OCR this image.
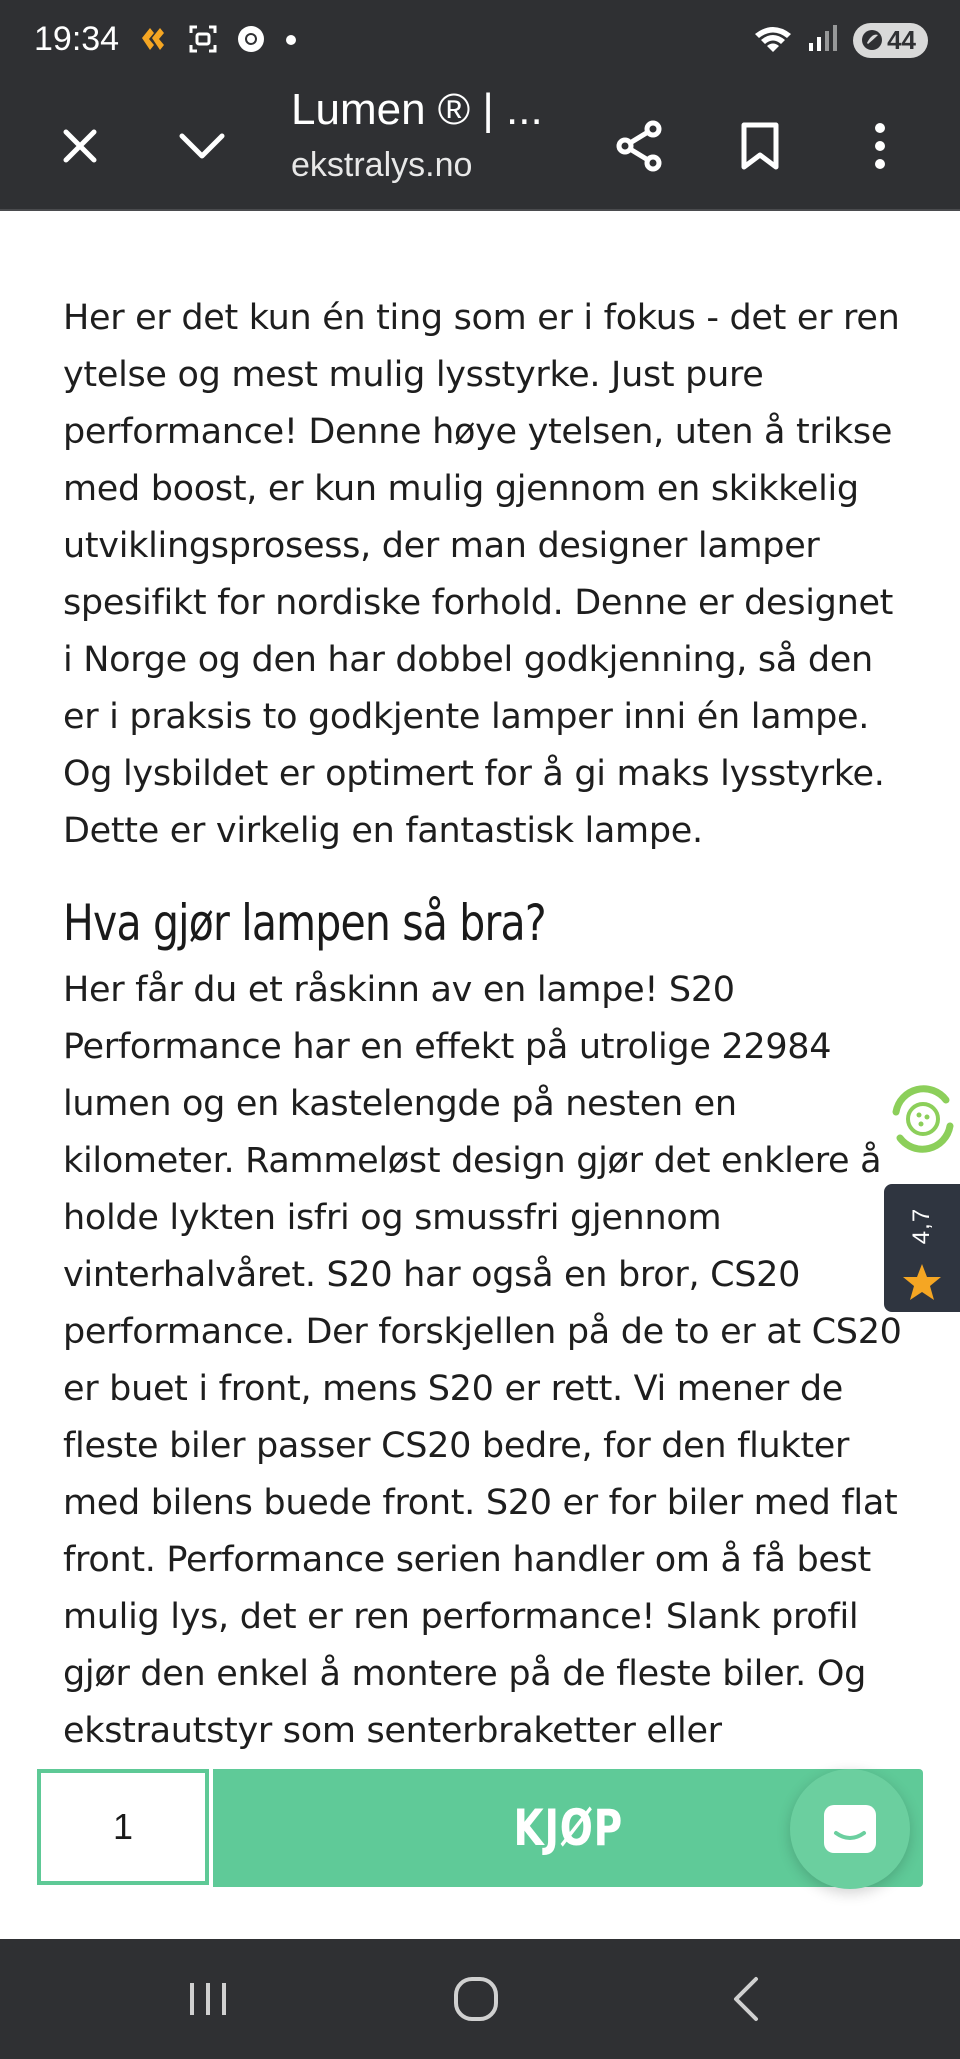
19:34	44
Lumen ® | ...
ekstralys.no

Her er det kun én ting som er i fokus - det er ren ytelse og mest mulig lysstyrke. Just pure performance! Denne høye ytelsen, uten å trikse med boost, er kun mulig gjennom en skikkelig utviklingsprosess, der man designer lamper spesifikt for nordiske forhold. Denne er designet i Norge og den har dobbel godkjenning, så den er i praksis to godkjente lamper inni én lampe. Og lysbildet er optimert for å gi maks lysstyrke. Dette er virkelig en fantastisk lampe.

Hva gjør lampen så bra?

Her får du et råskinn av en lampe! S20 Performance har en effekt på utrolige 22984 lumen og en kastelengde på nesten en kilometer. Rammeløst design gjør det enklere å holde lykten isfri og smussfri gjennom vinterhalvåret. S20 har også en bror, CS20 performance. Der forskjellen på de to er at CS20 er buet i front, mens S20 er rett. Vi mener de fleste biler passer CS20 bedre, for den flukter med bilens buede front. S20 er for biler med flat front. Performance serien handler om å få best mulig lys, det er ren performance! Slank profil gjør den enkel å montere på de fleste biler. Og ekstrautstyr som senterbraketter eller

4,7
1	KJØP
